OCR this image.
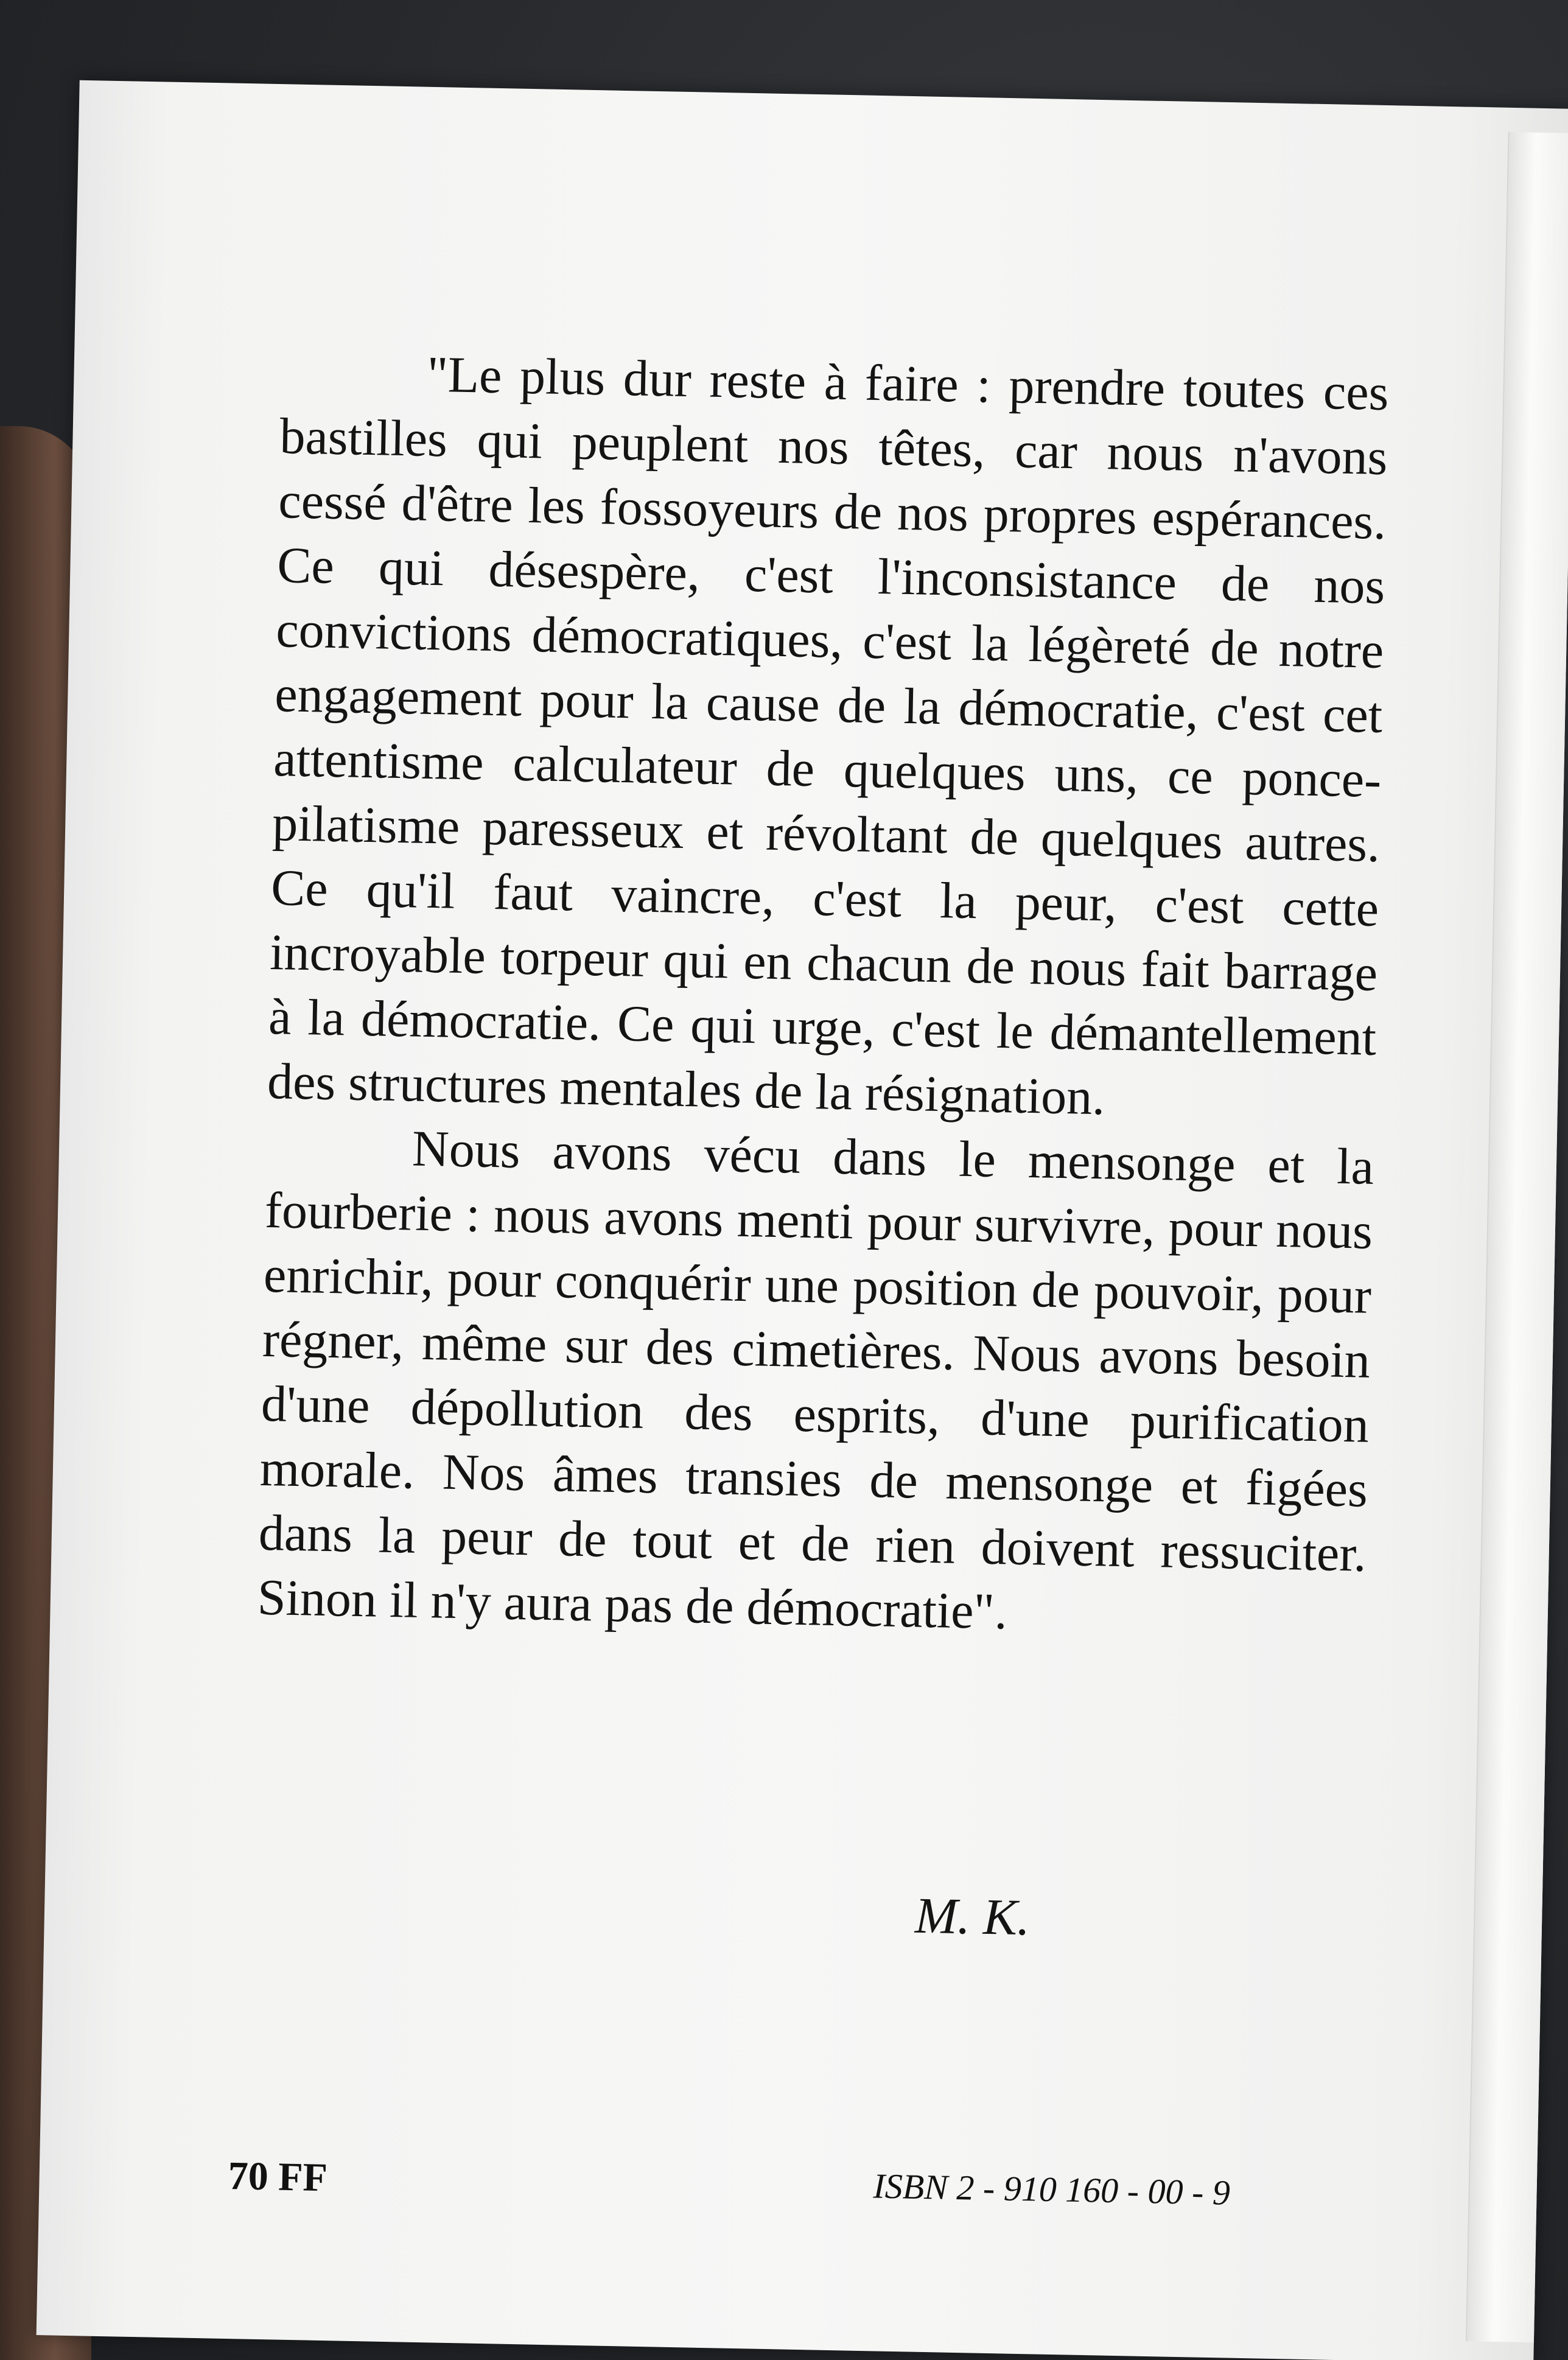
"Le plus dur reste à faire : prendre toutes ces bastilles qui peuplent nos têtes, car nous n'avons cessé d'être les fossoyeurs de nos propres espérances. Ce qui désespère, c'est l'inconsistance de nos convictions démocratiques, c'est la légèreté de notre engagement pour la cause de la démocratie, c'est cet attentisme calculateur de quelques uns, ce ponce-pilatisme paresseux et révoltant de quelques autres. Ce qu'il faut vaincre, c'est la peur, c'est cette incroyable torpeur qui en chacun de nous fait barrage à la démocratie. Ce qui urge, c'est le démantellement des structures mentales de la résignation.

Nous avons vécu dans le mensonge et la fourberie : nous avons menti pour survivre, pour nous enrichir, pour conquérir une position de pouvoir, pour régner, même sur des cimetières. Nous avons besoin d'une dépollution des esprits, d'une purification morale. Nos âmes transies de mensonge et figées dans la peur de tout et de rien doivent ressuciter. Sinon il n'y aura pas de démocratie".

M. K.
70 FF	ISBN 2 - 910 160 - 00 - 9
